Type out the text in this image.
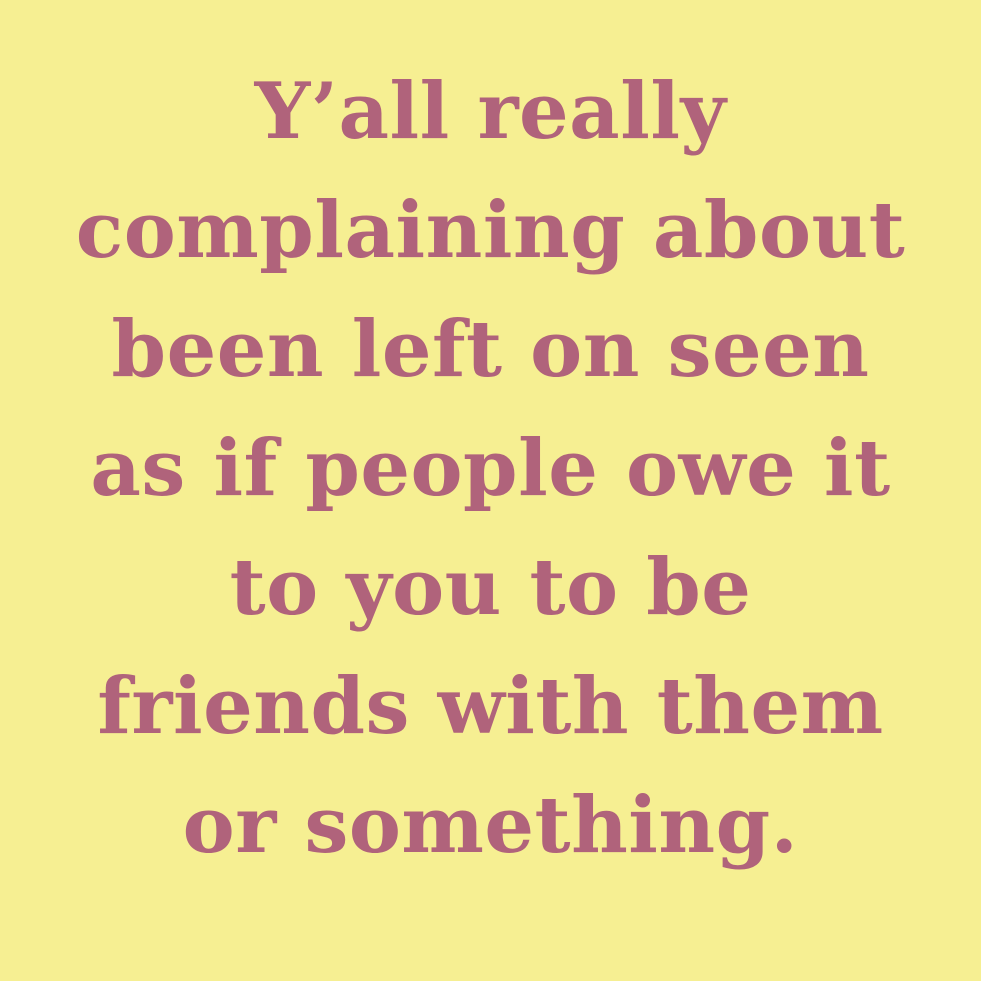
Y’all really
complaining about
been left on seen
as if people owe it
to you to be
friends with them
or something.
